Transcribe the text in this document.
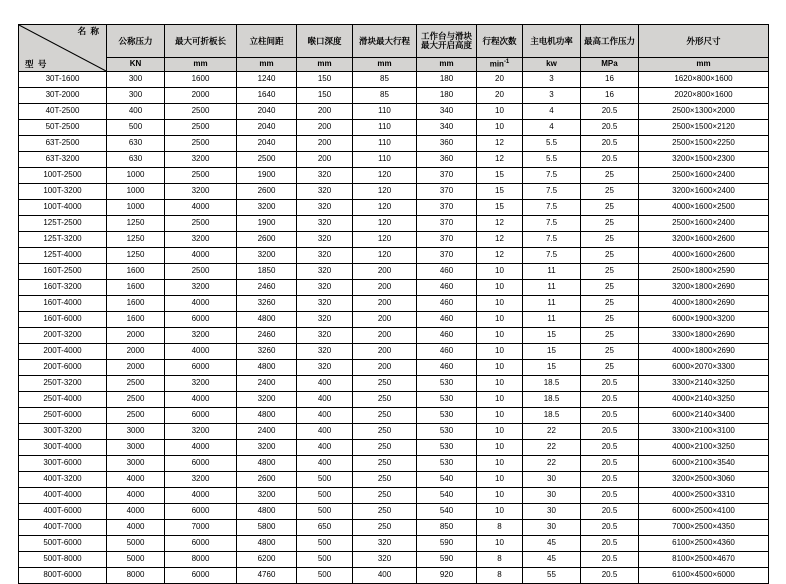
名 称
型 号	公称压力	最大可折板长	立柱间距	喉口深度	滑块最大行程	工作台与滑块最大开启高度	行程次数	主电机功率	最高工作压力	外形尺寸
	KN	mm	mm	mm	mm	mm	$\min^{-1}$	kw	MPa	mm
30T-1600	300	1600	1240	150	85	180	20	3	16	1620×800×1600
30T-2000	300	2000	1640	150	85	180	20	3	16	2020×800×1600
40T-2500	400	2500	2040	200	110	340	10	4	20.5	2500×1300×2000
50T-2500	500	2500	2040	200	110	340	10	4	20.5	2500×1500×2120
63T-2500	630	2500	2040	200	110	360	12	5.5	20.5	2500×1500×2250
63T-3200	630	3200	2500	200	110	360	12	5.5	20.5	3200×1500×2300
100T-2500	1000	2500	1900	320	120	370	15	7.5	25	2500×1600×2400
100T-3200	1000	3200	2600	320	120	370	15	7.5	25	3200×1600×2400
100T-4000	1000	4000	3200	320	120	370	15	7.5	25	4000×1600×2500
125T-2500	1250	2500	1900	320	120	370	12	7.5	25	2500×1600×2400
125T-3200	1250	3200	2600	320	120	370	12	7.5	25	3200×1600×2600
125T-4000	1250	4000	3200	320	120	370	12	7.5	25	4000×1600×2600
160T-2500	1600	2500	1850	320	200	460	10	11	25	2500×1800×2590
160T-3200	1600	3200	2460	320	200	460	10	11	25	3200×1800×2690
160T-4000	1600	4000	3260	320	200	460	10	11	25	4000×1800×2690
160T-6000	1600	6000	4800	320	200	460	10	11	25	6000×1900×3200
200T-3200	2000	3200	2460	320	200	460	10	15	25	3300×1800×2690
200T-4000	2000	4000	3260	320	200	460	10	15	25	4000×1800×2690
200T-6000	2000	6000	4800	320	200	460	10	15	25	6000×2070×3300
250T-3200	2500	3200	2400	400	250	530	10	18.5	20.5	3300×2140×3250
250T-4000	2500	4000	3200	400	250	530	10	18.5	20.5	4000×2140×3250
250T-6000	2500	6000	4800	400	250	530	10	18.5	20.5	6000×2140×3400
300T-3200	3000	3200	2400	400	250	530	10	22	20.5	3300×2100×3100
300T-4000	3000	4000	3200	400	250	530	10	22	20.5	4000×2100×3250
300T-6000	3000	6000	4800	400	250	530	10	22	20.5	6000×2100×3540
400T-3200	4000	3200	2600	500	250	540	10	30	20.5	3200×2500×3060
400T-4000	4000	4000	3200	500	250	540	10	30	20.5	4000×2500×3310
400T-6000	4000	6000	4800	500	250	540	10	30	20.5	6000×2500×4100
400T-7000	4000	7000	5800	650	250	850	8	30	20.5	7000×2500×4350
500T-6000	5000	6000	4800	500	320	590	10	45	20.5	6100×2500×4360
500T-8000	5000	8000	6200	500	320	590	8	45	20.5	8100×2500×4670
800T-6000	8000	6000	4760	500	400	920	8	55	20.5	6100×4500×6000
